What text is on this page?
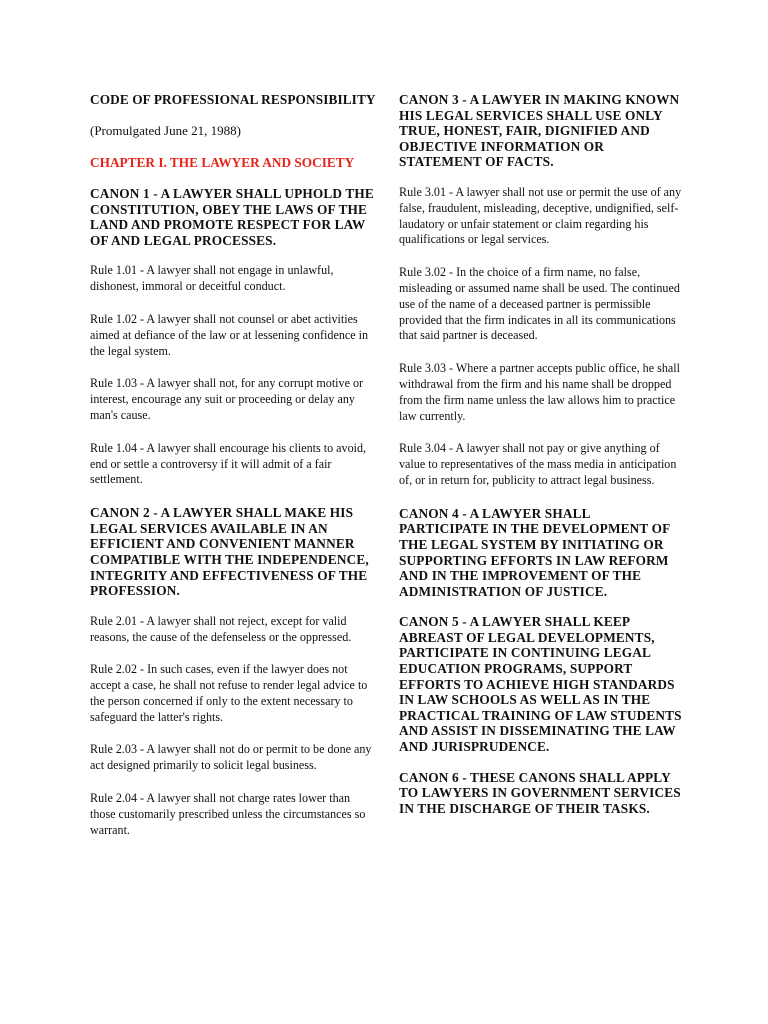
CODE OF PROFESSIONAL RESPONSIBILITY
(Promulgated June 21, 1988)
CHAPTER I. THE LAWYER AND SOCIETY
CANON 1 - A LAWYER SHALL UPHOLD THE CONSTITUTION, OBEY THE LAWS OF THE LAND AND PROMOTE RESPECT FOR LAW OF AND LEGAL PROCESSES.
Rule 1.01 - A lawyer shall not engage in unlawful, dishonest, immoral or deceitful conduct.
Rule 1.02 - A lawyer shall not counsel or abet activities aimed at defiance of the law or at lessening confidence in the legal system.
Rule 1.03 - A lawyer shall not, for any corrupt motive or interest, encourage any suit or proceeding or delay any man's cause.
Rule 1.04 - A lawyer shall encourage his clients to avoid, end or settle a controversy if it will admit of a fair settlement.
CANON 2 - A LAWYER SHALL MAKE HIS LEGAL SERVICES AVAILABLE IN AN EFFICIENT AND CONVENIENT MANNER COMPATIBLE WITH THE INDEPENDENCE, INTEGRITY AND EFFECTIVENESS OF THE PROFESSION.
Rule 2.01 - A lawyer shall not reject, except for valid reasons, the cause of the defenseless or the oppressed.
Rule 2.02 - In such cases, even if the lawyer does not accept a case, he shall not refuse to render legal advice to the person concerned if only to the extent necessary to safeguard the latter's rights.
Rule 2.03 - A lawyer shall not do or permit to be done any act designed primarily to solicit legal business.
Rule 2.04 - A lawyer shall not charge rates lower than those customarily prescribed unless the circumstances so warrant.
CANON 3 - A LAWYER IN MAKING KNOWN HIS LEGAL SERVICES SHALL USE ONLY TRUE, HONEST, FAIR, DIGNIFIED AND OBJECTIVE INFORMATION OR STATEMENT OF FACTS.
Rule 3.01 - A lawyer shall not use or permit the use of any false, fraudulent, misleading, deceptive, undignified, self-laudatory or unfair statement or claim regarding his qualifications or legal services.
Rule 3.02 - In the choice of a firm name, no false, misleading or assumed name shall be used. The continued use of the name of a deceased partner is permissible provided that the firm indicates in all its communications that said partner is deceased.
Rule 3.03 - Where a partner accepts public office, he shall withdrawal from the firm and his name shall be dropped from the firm name unless the law allows him to practice law currently.
Rule 3.04 - A lawyer shall not pay or give anything of value to representatives of the mass media in anticipation of, or in return for, publicity to attract legal business.
CANON 4 - A LAWYER SHALL PARTICIPATE IN THE DEVELOPMENT OF THE LEGAL SYSTEM BY INITIATING OR SUPPORTING EFFORTS IN LAW REFORM AND IN THE IMPROVEMENT OF THE ADMINISTRATION OF JUSTICE.
CANON 5 - A LAWYER SHALL KEEP ABREAST OF LEGAL DEVELOPMENTS, PARTICIPATE IN CONTINUING LEGAL EDUCATION PROGRAMS, SUPPORT EFFORTS TO ACHIEVE HIGH STANDARDS IN LAW SCHOOLS AS WELL AS IN THE PRACTICAL TRAINING OF LAW STUDENTS AND ASSIST IN DISSEMINATING THE LAW AND JURISPRUDENCE.
CANON 6 - THESE CANONS SHALL APPLY TO LAWYERS IN GOVERNMENT SERVICES IN THE DISCHARGE OF THEIR TASKS.
